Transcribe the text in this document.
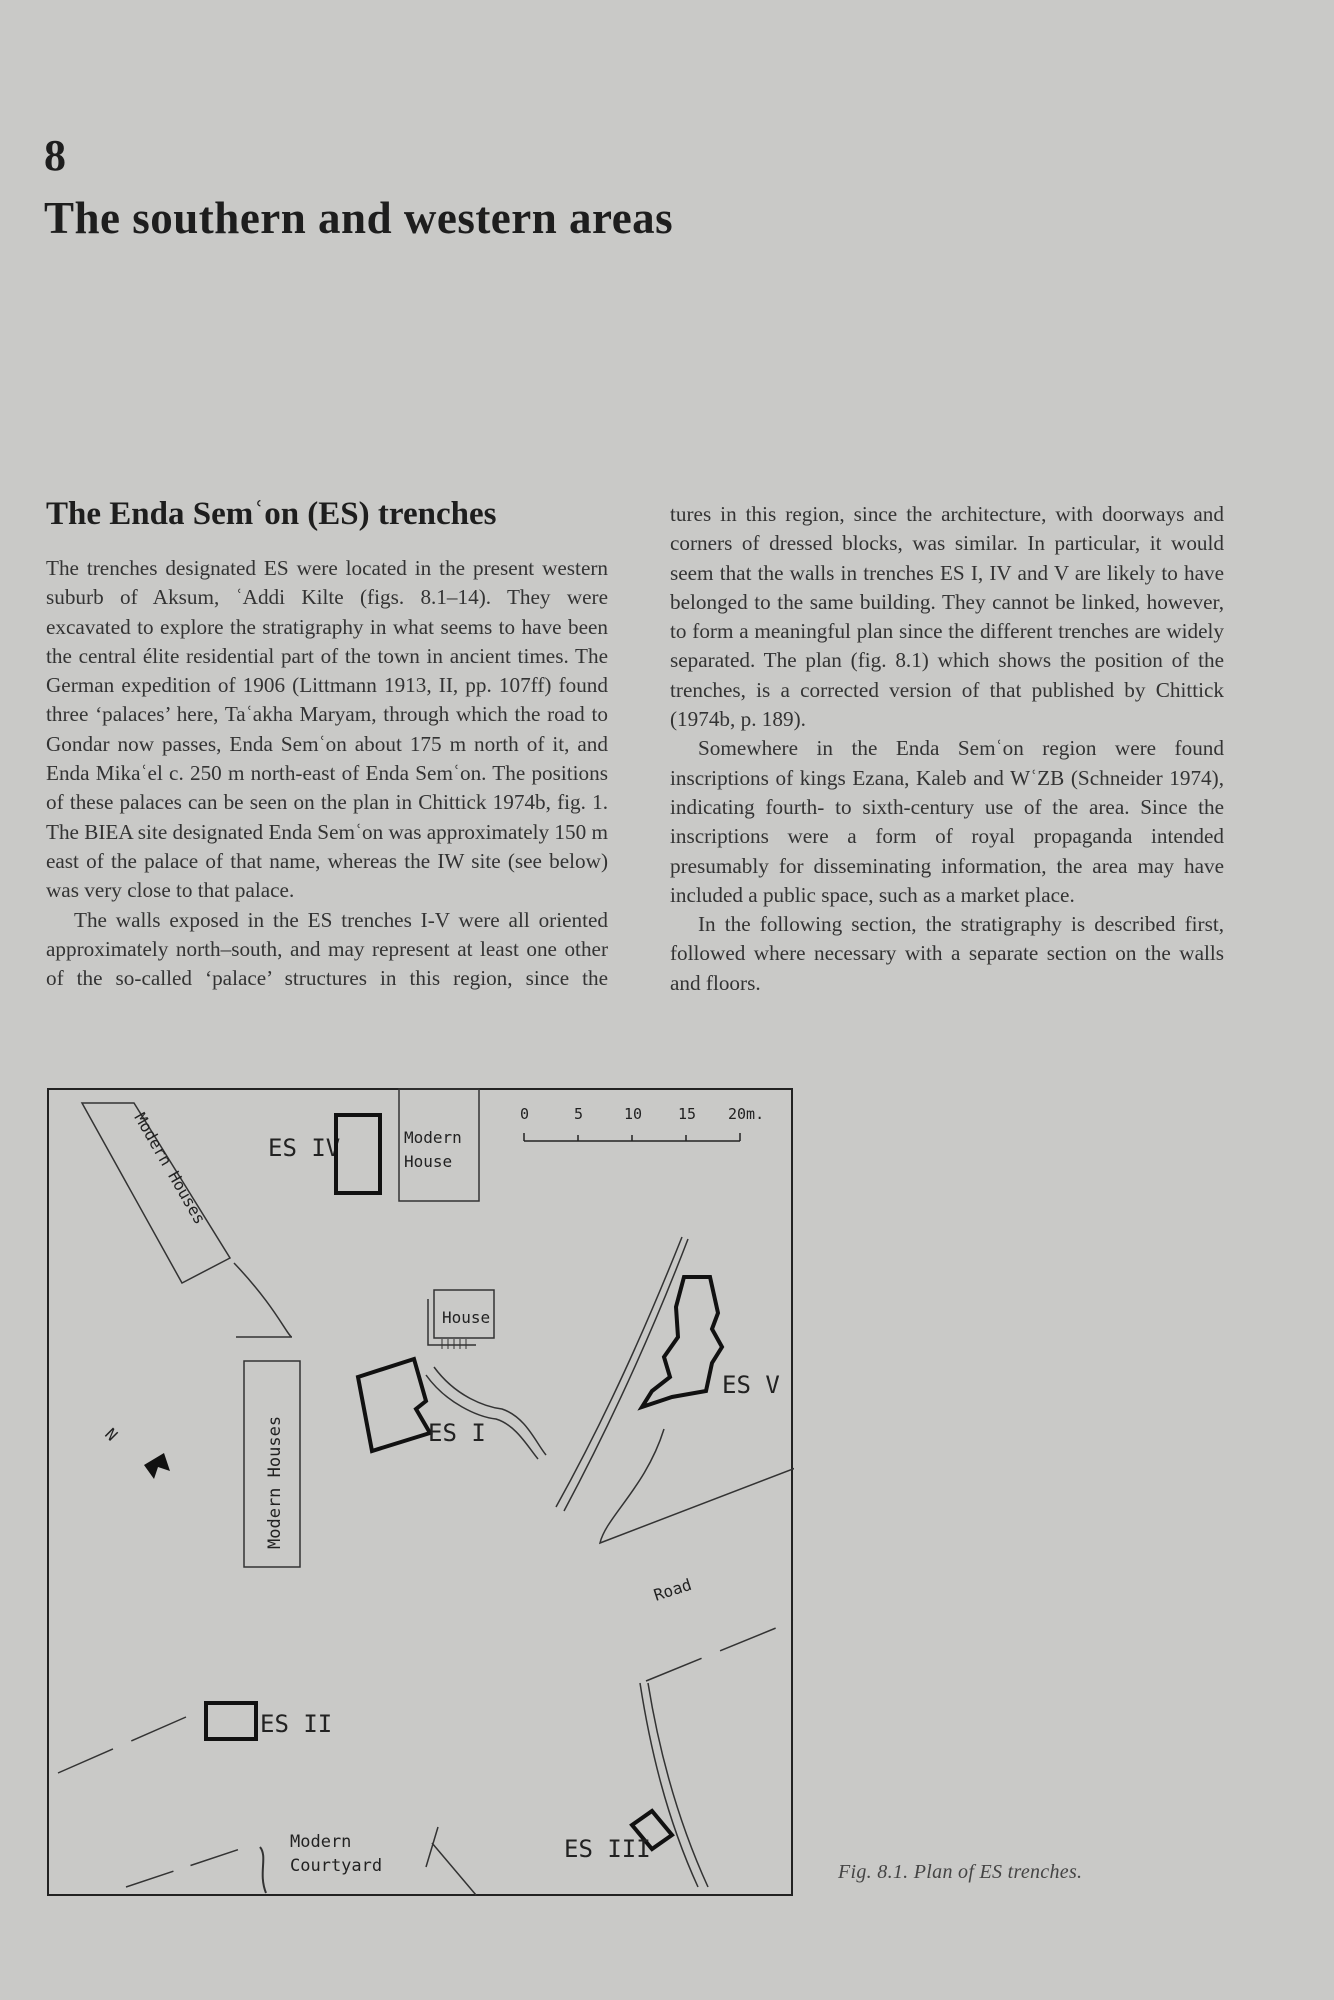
8
The southern and western areas
The Enda Semʿon (ES) trenches

The trenches designated ES were located in the present western suburb of Aksum, ʿAddi Kilte (figs. 8.1–14). They were excavated to explore the stratigraphy in what seems to have been the central élite residential part of the town in ancient times. The German expedition of 1906 (Littmann 1913, II, pp. 107ff) found three ‘palaces’ here, Taʿakha Maryam, through which the road to Gondar now passes, Enda Semʿon about 175 m north of it, and Enda Mikaʿel c. 250 m north-east of Enda Semʿon. The positions of these palaces can be seen on the plan in Chittick 1974b, fig. 1. The BIEA site designated Enda Semʿon was approximately 150 m east of the palace of that name, whereas the IW site (see below) was very close to that palace.

The walls exposed in the ES trenches I-V were all oriented approximately north–south, and may represent at least one other of the so-called ‘palace’ structures in this region, since the

tures in this region, since the architecture, with doorways and corners of dressed blocks, was similar. In particular, it would seem that the walls in trenches ES I, IV and V are likely to have belonged to the same building. They cannot be linked, however, to form a meaningful plan since the different trenches are widely separated. The plan (fig. 8.1) which shows the position of the trenches, is a corrected version of that published by Chittick (1974b, p. 189).

Somewhere in the Enda Semʿon region were found inscriptions of kings Ezana, Kaleb and WʿZB (Schneider 1974), indicating fourth- to sixth-century use of the area. Since the inscriptions were a form of royal propaganda intended presumably for disseminating information, the area may have included a public space, such as a market place.

In the following section, the stratigraphy is described first, followed where necessary with a separate section on the walls and floors.

Modern Houses ES IV	Modern
House
0	5	10 15 20m.
House
ES I
Modern Houses
N
Road
ES V
ES II
ES III
Modern
Courtyard	Fig. 8.1. Plan of ES trenches.
